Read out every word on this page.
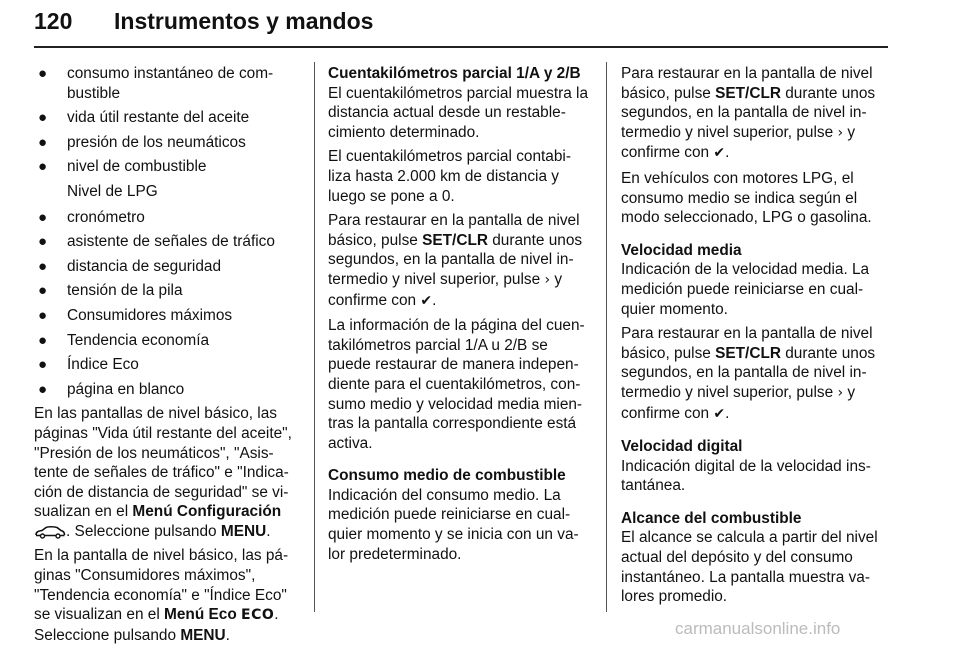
120 Instrumentos y mandos
● consumo instantáneo de com-bustible
● vida útil restante del aceite
● presión de los neumáticos
● nivel de combustible
Nivel de LPG
● cronómetro
● asistente de señales de tráfico
● distancia de seguridad
● tensión de la pila
● Consumidores máximos
● Tendencia economía
● Índice Eco
● página en blanco

En las pantallas de nivel básico, las páginas "Vida útil restante del aceite", "Presión de los neumáticos", "Asis-tente de señales de tráfico" e "Indica-ción de distancia de seguridad" se vi-sualizan en el Menú Configuración . Seleccione pulsando MENU.

En la pantalla de nivel básico, las pá-ginas "Consumidores máximos", "Tendencia economía" e "Índice Eco" se visualizan en el Menú Eco ECO. Seleccione pulsando MENU.

Cuentakilómetros parcial 1/A y 2/B

El cuentakilómetros parcial muestra la distancia actual desde un restable-cimiento determinado.

El cuentakilómetros parcial contabi-liza hasta 2.000 km de distancia y luego se pone a 0.

Para restaurar en la pantalla de nivel básico, pulse SET/CLR durante unos segundos, en la pantalla de nivel in-termedio y nivel superior, pulse › y confirme con ✔.

La información de la página del cuen-takilómetros parcial 1/A u 2/B se puede restaurar de manera indepen-diente para el cuentakilómetros, con-sumo medio y velocidad media mien-tras la pantalla correspondiente está activa.

Consumo medio de combustible

Indicación del consumo medio. La medición puede reiniciarse en cual-quier momento y se inicia con un va-lor predeterminado.

Para restaurar en la pantalla de nivel básico, pulse SET/CLR durante unos segundos, en la pantalla de nivel in-termedio y nivel superior, pulse › y confirme con ✔.

En vehículos con motores LPG, el consumo medio se indica según el modo seleccionado, LPG o gasolina.

Velocidad media

Indicación de la velocidad media. La medición puede reiniciarse en cual-quier momento.

Para restaurar en la pantalla de nivel básico, pulse SET/CLR durante unos segundos, en la pantalla de nivel in-termedio y nivel superior, pulse › y confirme con ✔.

Velocidad digital

Indicación digital de la velocidad ins-tantánea.

Alcance del combustible

El alcance se calcula a partir del nivel actual del depósito y del consumo instantáneo. La pantalla muestra va-lores promedio.

carmanualsonline.info
